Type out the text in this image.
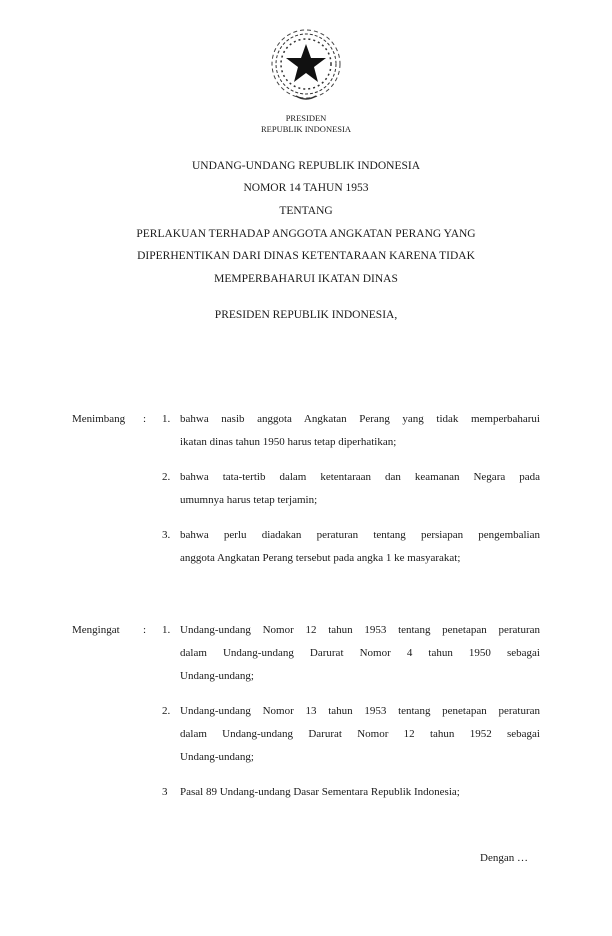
PRESIDEN
REPUBLIK INDONESIA
UNDANG-UNDANG REPUBLIK INDONESIA
NOMOR 14 TAHUN 1953
TENTANG
PERLAKUAN TERHADAP ANGGOTA ANGKATAN PERANG YANG
DIPERHENTIKAN DARI DINAS KETENTARAAN KARENA TIDAK
MEMPERBAHARUI IKATAN DINAS
PRESIDEN REPUBLIK INDONESIA,
Menimbang : 1. bahwa nasib anggota Angkatan Perang yang tidak memperbaharui
ikatan dinas tahun 1950 harus tetap diperhatikan;
2. bahwa tata-tertib dalam ketentaraan dan keamanan Negara pada
umumnya harus tetap terjamin;
3. bahwa perlu diadakan peraturan tentang persiapan pengembalian
anggota Angkatan Perang tersebut pada angka 1 ke masyarakat;
Mengingat : 1. Undang-undang Nomor 12 tahun 1953 tentang penetapan peraturan
dalam Undang-undang Darurat Nomor 4 tahun 1950 sebagai
Undang-undang;
2. Undang-undang Nomor 13 tahun 1953 tentang penetapan peraturan
dalam Undang-undang Darurat Nomor 12 tahun 1952 sebagai
Undang-undang;
3 Pasal 89 Undang-undang Dasar Sementara Republik Indonesia;
Dengan …
